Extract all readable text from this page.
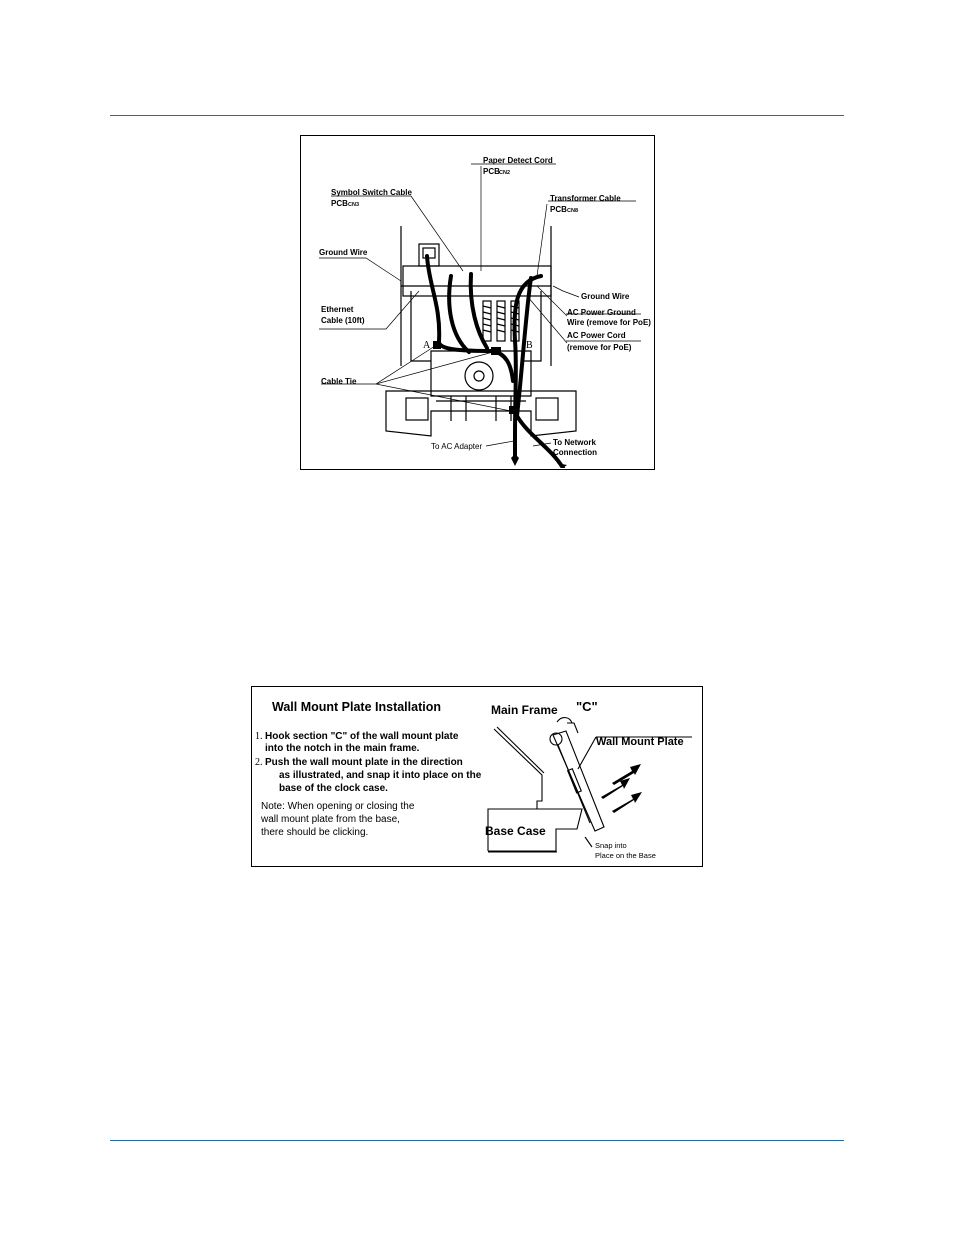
Paper Detect Cord
PCB CN2
Symbol Switch Cable
PCB CN3
Transformer Cable
PCB CN8
Ground Wire
Ground Wire
Ethernet
Cable (10ft)
AC Power Ground
Wire (remove for PoE)
AC Power Cord
(remove for PoE)
Cable Tie
To AC Adapter	To Network
Connection
A	B
Wall Mount Plate Installation
1. Hook section "C" of the wall mount plate
into the notch in the main frame.
2. Push the wall mount plate in the direction
as illustrated, and snap it into place on the
base of the clock case.
Note: When opening or closing the
wall mount plate from the base,
there should be clicking.
Main Frame "C"
Wall Mount Plate
Base Case
Snap into
Place on the Base
